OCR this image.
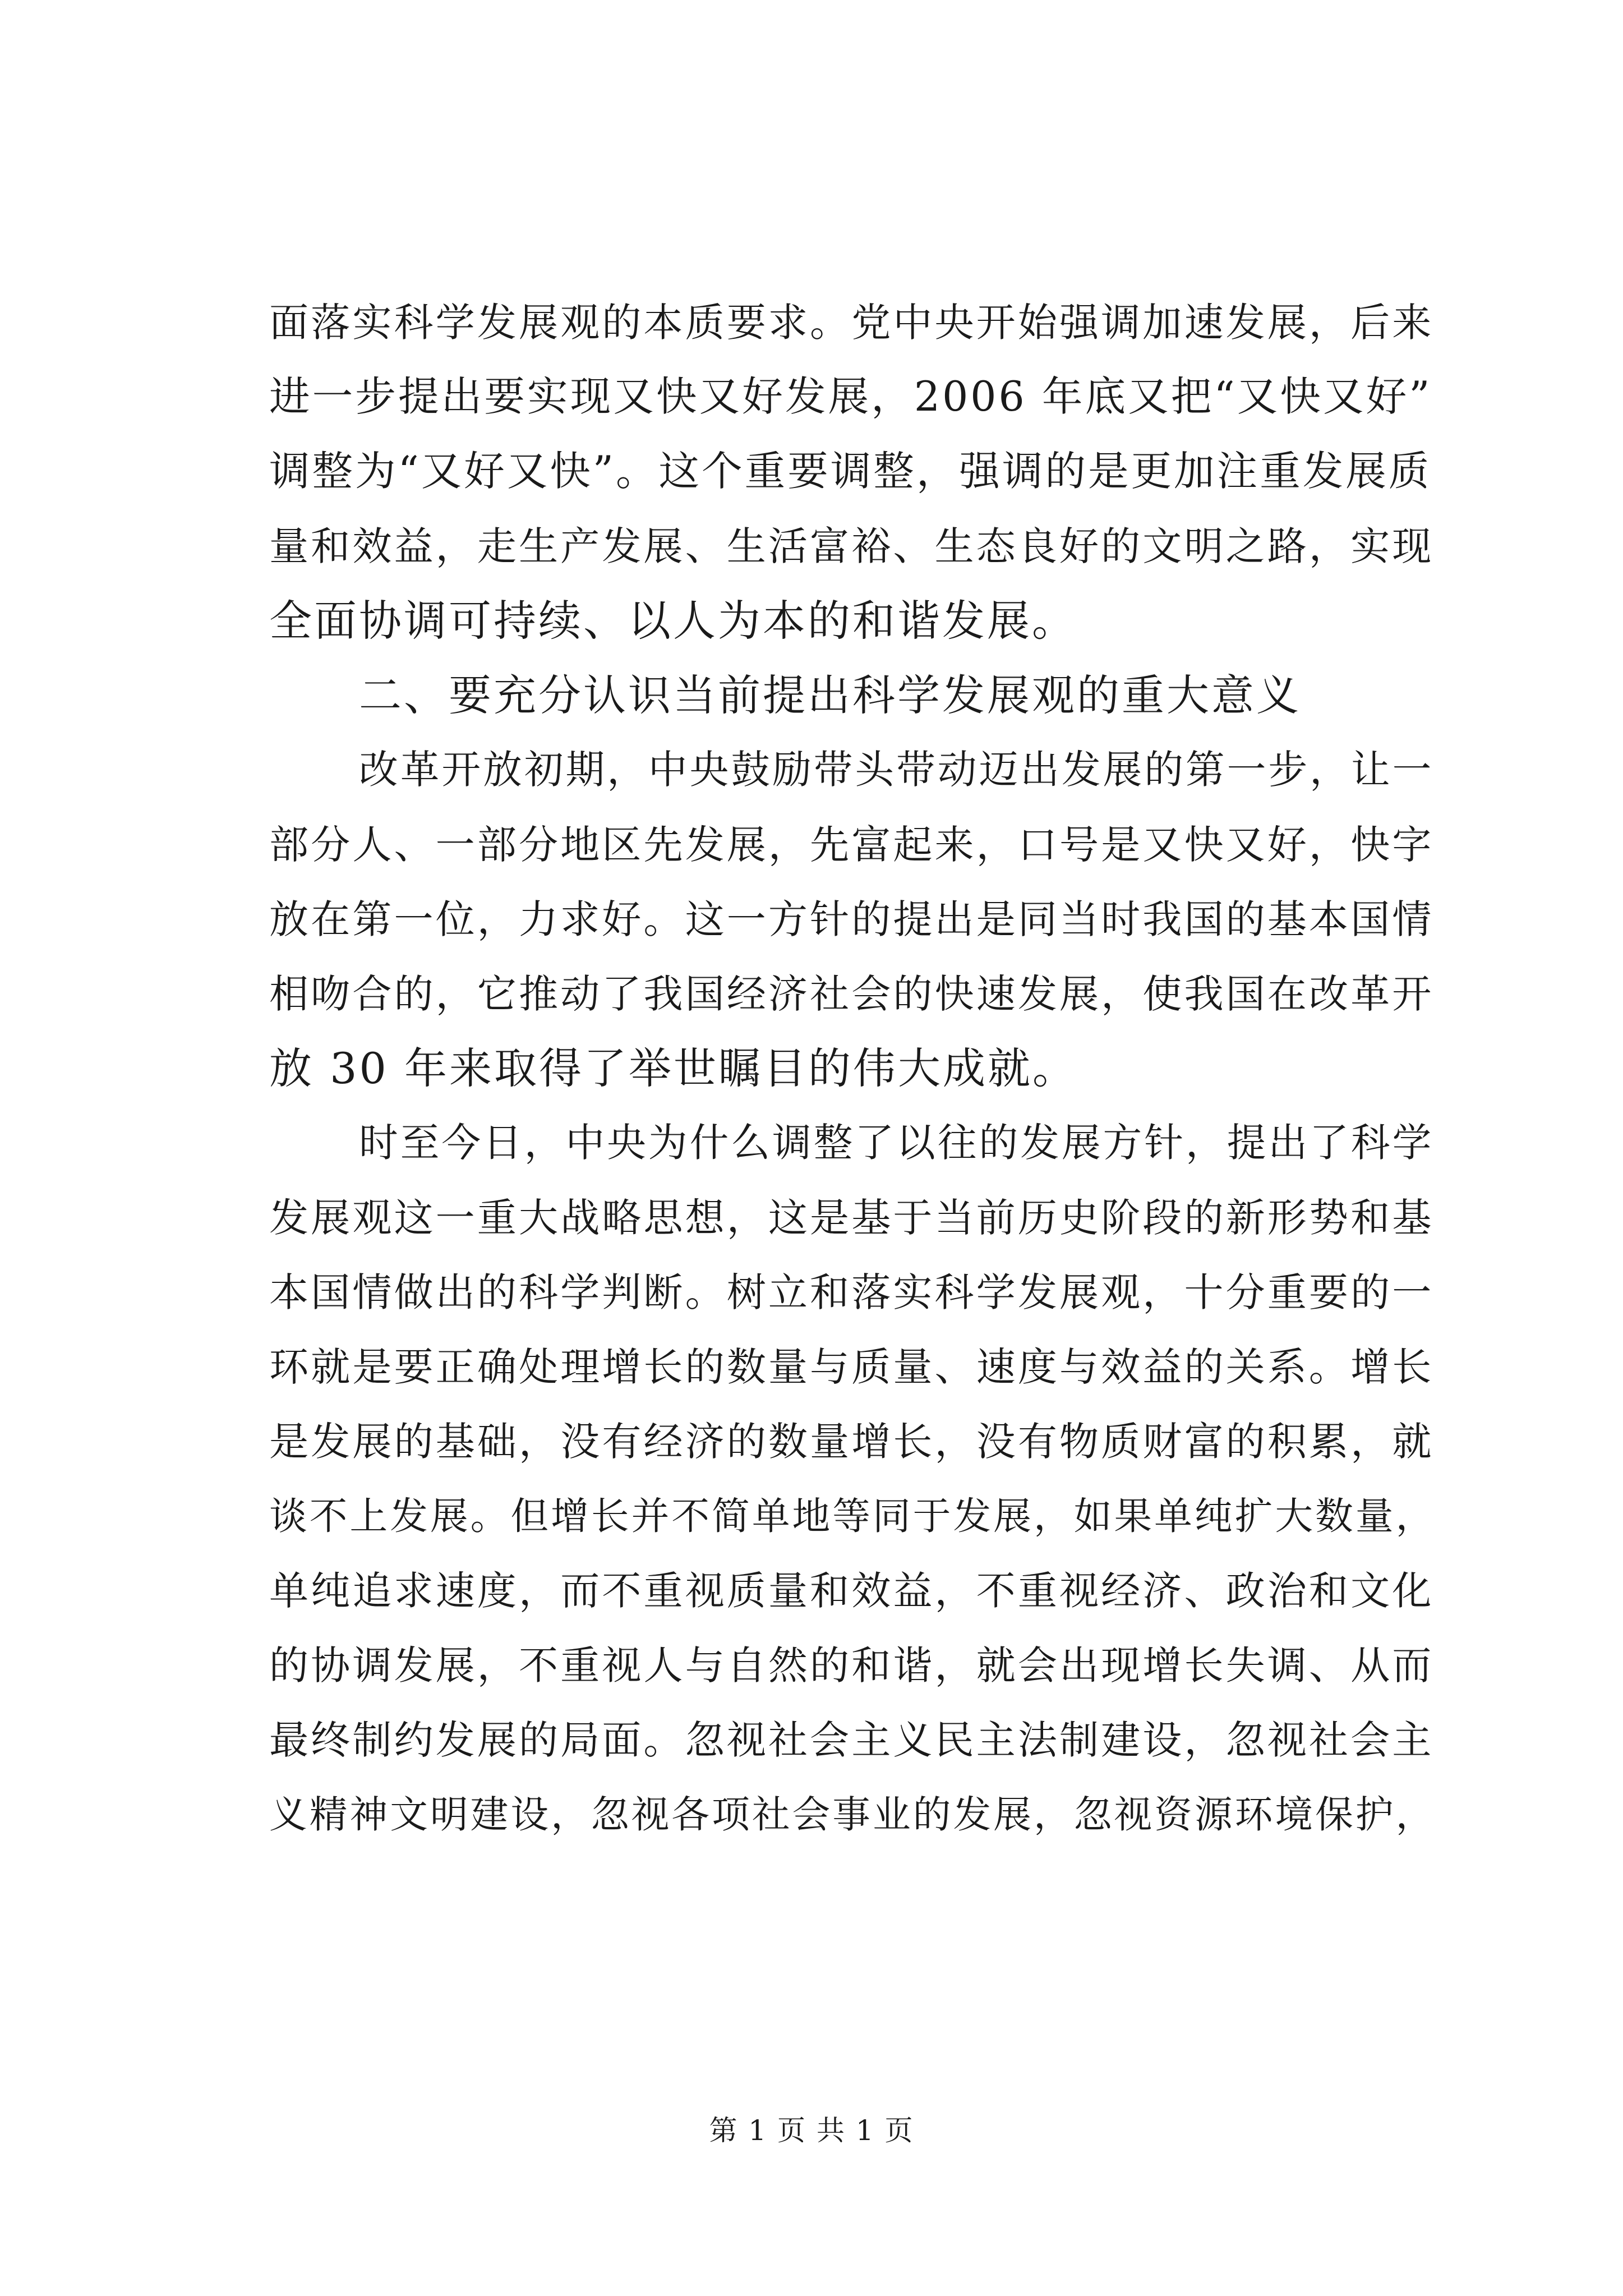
面落实科学发展观的本质要求。党中央开始强调加速发展，后来
进一步提出要实现又快又好发展，2006 年底又把“又快又好”
调整为“又好又快”。这个重要调整，强调的是更加注重发展质
量和效益，走生产发展、生活富裕、生态良好的文明之路，实现
全面协调可持续、以人为本的和谐发展。
二、要充分认识当前提出科学发展观的重大意义
改革开放初期，中央鼓励带头带动迈出发展的第一步，让一
部分人、一部分地区先发展，先富起来，口号是又快又好，快字
放在第一位，力求好。这一方针的提出是同当时我国的基本国情
相吻合的，它推动了我国经济社会的快速发展，使我国在改革开
放 30 年来取得了举世瞩目的伟大成就。
时至今日，中央为什么调整了以往的发展方针，提出了科学
发展观这一重大战略思想，这是基于当前历史阶段的新形势和基
本国情做出的科学判断。树立和落实科学发展观，十分重要的一
环就是要正确处理增长的数量与质量、速度与效益的关系。增长
是发展的基础，没有经济的数量增长，没有物质财富的积累，就
谈不上发展。但增长并不简单地等同于发展，如果单纯扩大数量，
单纯追求速度，而不重视质量和效益，不重视经济、政治和文化
的协调发展，不重视人与自然的和谐，就会出现增长失调、从而
最终制约发展的局面。忽视社会主义民主法制建设，忽视社会主
义精神文明建设，忽视各项社会事业的发展，忽视资源环境保护，
第 1 页 共 1 页
